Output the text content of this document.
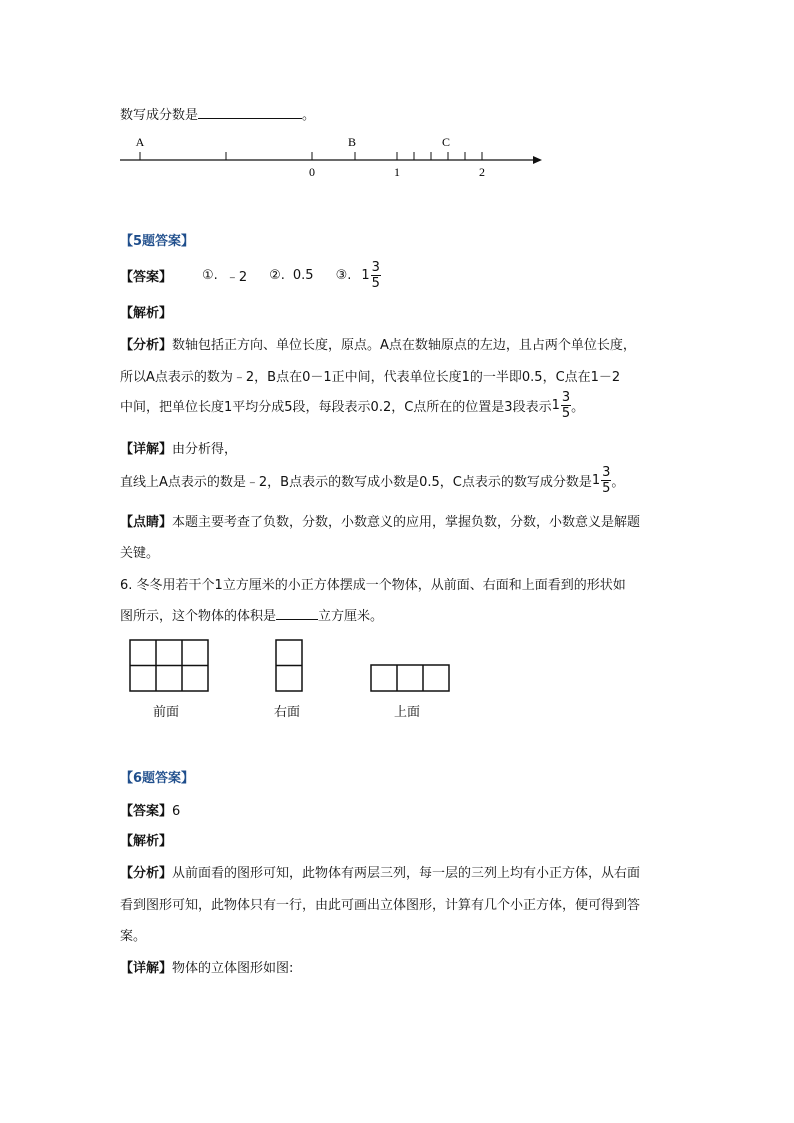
数写成分数是	。
A	B	C
0	1	2
【5题答案】
【答案】 ①. ﹣2 ②. 0.5 ③. $1 \frac{3}{5}$
【解析】
【分析】数轴包括正方向、单位长度，原点。A点在数轴原点的左边，且占两个单位长度，
所以A点表示的数为﹣2，B点在0－1正中间，代表单位长度1的一半即0.5，C点在1－2
中间，把单位长度1平均分成5段，每段表示0.2，C点所在的位置是3段表示 $1 \frac{3}{5}$ 。
【详解】由分析得，
直线上A点表示的数是﹣2，B点表示的数写成小数是0.5，C点表示的数写成分数是 $1 \frac{3}{5}$ 。
【点睛】本题主要考查了负数，分数，小数意义的应用，掌握负数，分数，小数意义是解题
关键。
6. 冬冬用若干个1立方厘米的小正方体摆成一个物体，从前面、右面和上面看到的形状如
图所示，这个物体的体积是	立方厘米。
前面	右面	上面
【6题答案】
【答案】6
【解析】
【分析】从前面看的图形可知，此物体有两层三列，每一层的三列上均有小正方体，从右面
看到图形可知，此物体只有一行，由此可画出立体图形，计算有几个小正方体，便可得到答
案。
【详解】物体的立体图形如图:
